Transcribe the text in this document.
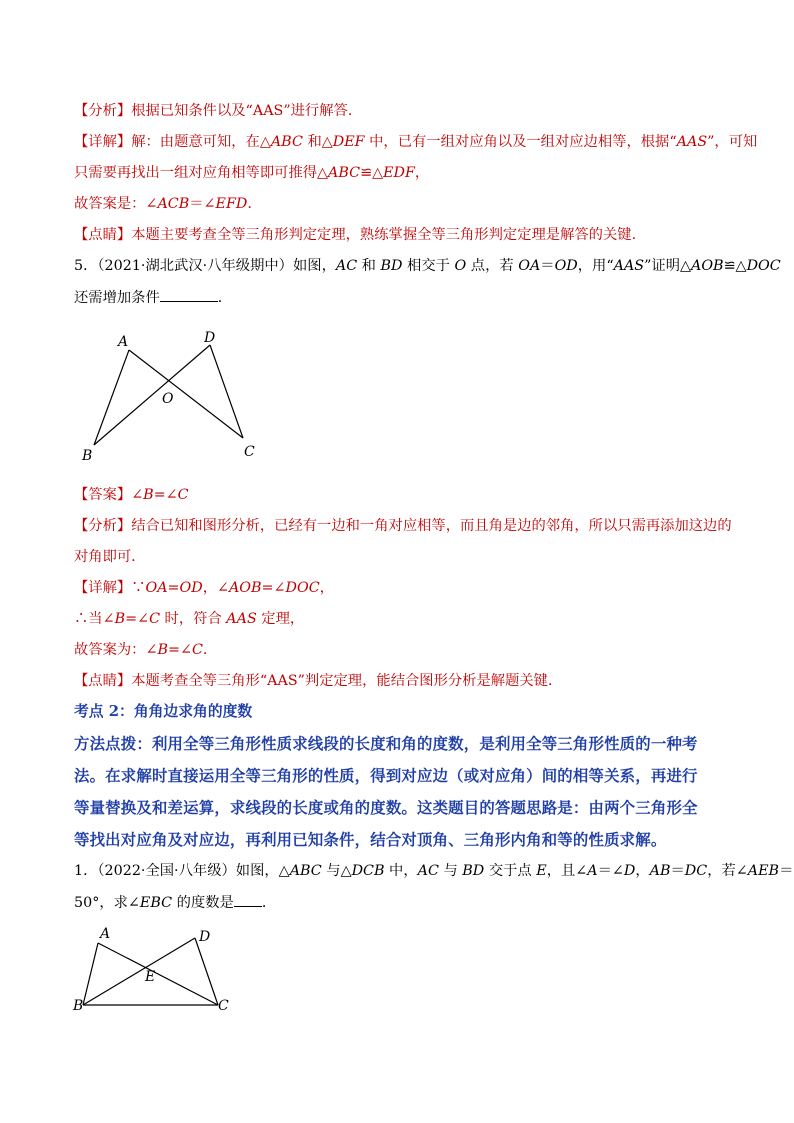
【分析】根据已知条件以及“AAS”进行解答.
【详解】解：由题意可知，在△ABC 和△DEF 中，已有一组对应角以及一组对应边相等，根据“AAS”，可知
只需要再找出一组对应角相等即可推得△ABC≌△EDF，
故答案是：∠ACB＝∠EFD.
【点睛】本题主要考查全等三角形判定定理，熟练掌握全等三角形判定定理是解答的关键.
5．（2021·湖北武汉·八年级期中）如图，AC 和 BD 相交于 O 点，若 OA＝OD，用“AAS”证明△AOB≌△DOC
还需增加条件	．
A	D
O
B	C
A	D
E
B	C
【答案】∠B=∠C
【分析】结合已知和图形分析，已经有一边和一角对应相等，而且角是边的邻角，所以只需再添加这边的
对角即可．
【详解】∵OA=OD，∠AOB=∠DOC，
∴当∠B=∠C 时，符合 AAS 定理，
故答案为：∠B=∠C.
【点睛】本题考查全等三角形“AAS”判定定理，能结合图形分析是解题关键．
考点 2：角角边求角的度数
方法点拨：利用全等三角形性质求线段的长度和角的度数，是利用全等三角形性质的一种考
法。在求解时直接运用全等三角形的性质，得到对应边（或对应角）间的相等关系，再进行
等量替换及和差运算，求线段的长度或角的度数。这类题目的答题思路是：由两个三角形全
等找出对应角及对应边，再利用已知条件，结合对顶角、三角形内角和等的性质求解。
1．（2022·全国·八年级）如图，△ABC 与△DCB 中，AC 与 BD 交于点 E，且∠A＝∠D，AB＝DC，若∠AEB＝
50°，求∠EBC 的度数是 ．
